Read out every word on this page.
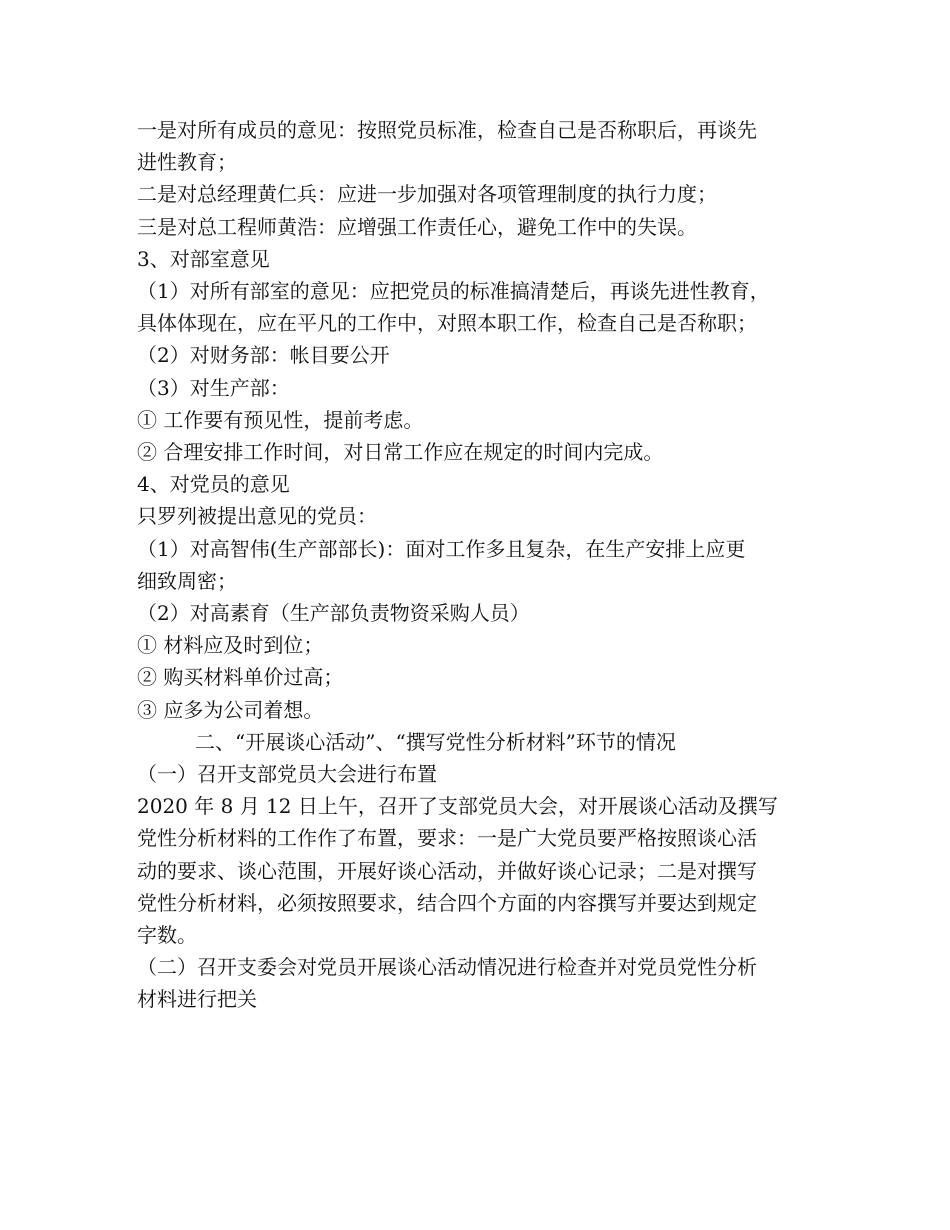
一是对所有成员的意见：按照党员标准，检查自己是否称职后，再谈先
进性教育；
二是对总经理黄仁兵：应进一步加强对各项管理制度的执行力度；
三是对总工程师黄浩：应增强工作责任心，避免工作中的失误。
3、对部室意见
（1）对所有部室的意见：应把党员的标准搞清楚后，再谈先进性教育，
具体体现在，应在平凡的工作中，对照本职工作，检查自己是否称职；
（2）对财务部：帐目要公开
（3）对生产部：
① 工作要有预见性，提前考虑。
② 合理安排工作时间，对日常工作应在规定的时间内完成。
4、对党员的意见
只罗列被提出意见的党员：
（1）对高智伟(生产部部长)：面对工作多且复杂，在生产安排上应更
细致周密；
（2）对高素育（生产部负责物资采购人员）
① 材料应及时到位；
② 购买材料单价过高；
③ 应多为公司着想。
二、“开展谈心活动”、“撰写党性分析材料”环节的情况
（一）召开支部党员大会进行布置
2020 年 8 月 12 日上午，召开了支部党员大会，对开展谈心活动及撰写
党性分析材料的工作作了布置，要求：一是广大党员要严格按照谈心活
动的要求、谈心范围，开展好谈心活动，并做好谈心记录；二是对撰写
党性分析材料，必须按照要求，结合四个方面的内容撰写并要达到规定
字数。
（二）召开支委会对党员开展谈心活动情况进行检查并对党员党性分析
材料进行把关
